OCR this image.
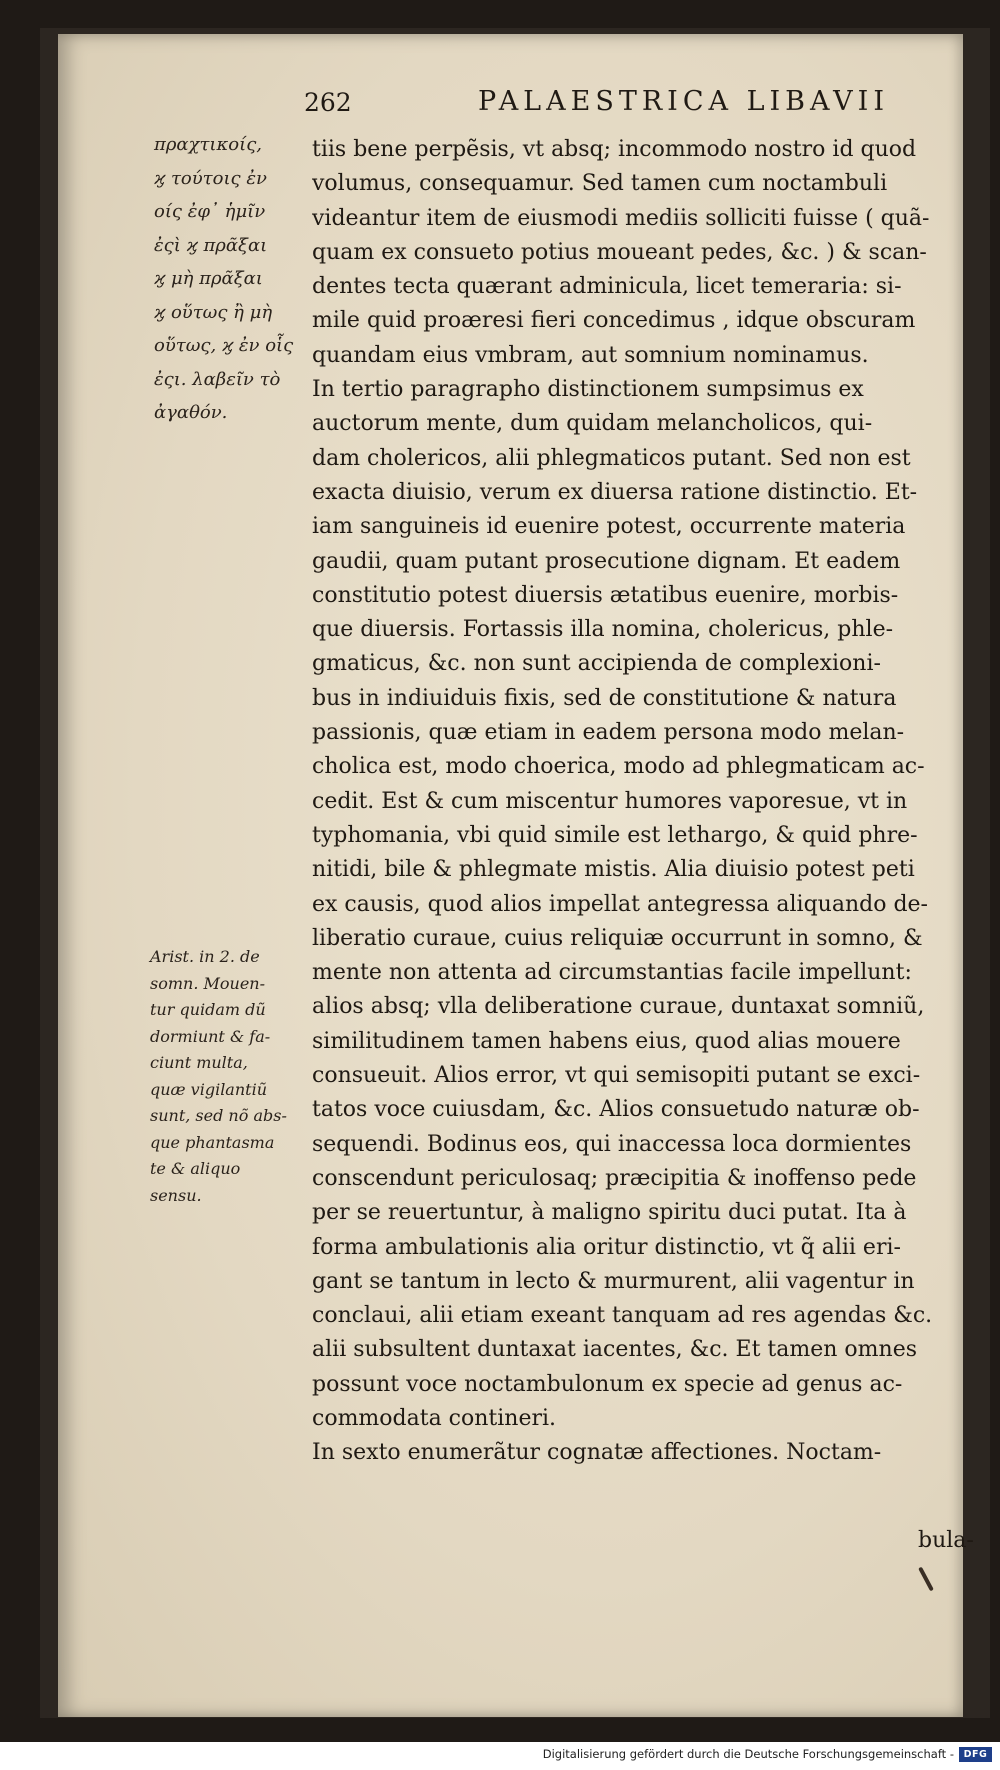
262	PALAESTRICA LIBAVII
πραχτικοίς,
ϗ τούτοις ἐν
οίς ἐφ᾽ ἡμῖν
ἐςὶ ϗ πρᾶξαι
ϗ μὴ πρᾶξαι
ϗ οὕτως ἢ μὴ
οὕτως, ϗ ἐν οἷς
ἐςι. λαβεῖν τὸ
ἀγαθόν.
Arist. in 2. de
somn. Mouen-
tur quidam dũ
dormiunt & fa-
ciunt multa,
quæ vigilantiũ
sunt, sed nõ abs-
que phantasma
te & aliquo
sensu.
tiis bene perpẽsis, vt absq; incommodo nostro id quod
volumus, consequamur. Sed tamen cum noctambuli
videantur item de eiusmodi mediis solliciti fuisse ( quã-
quam ex consueto potius moueant pedes, &c. ) & scan-
dentes tecta quærant adminicula, licet temeraria: si-
mile quid proæresi fieri concedimus , idque obscuram
quandam eius vmbram, aut somnium nominamus.
In tertio paragrapho distinctionem sumpsimus ex
auctorum mente, dum quidam melancholicos, qui-
dam cholericos, alii phlegmaticos putant. Sed non est
exacta diuisio, verum ex diuersa ratione distinctio. Et-
iam sanguineis id euenire potest, occurrente materia
gaudii, quam putant prosecutione dignam. Et eadem
constitutio potest diuersis ætatibus euenire, morbis-
que diuersis. Fortassis illa nomina, cholericus, phle-
gmaticus, &c. non sunt accipienda de complexioni-
bus in indiuiduis fixis, sed de constitutione & natura
passionis, quæ etiam in eadem persona modo melan-
cholica est, modo choerica, modo ad phlegmaticam ac-
cedit. Est & cum miscentur humores vaporesue, vt in
typhomania, vbi quid simile est lethargo, & quid phre-
nitidi, bile & phlegmate mistis. Alia diuisio potest peti
ex causis, quod alios impellat antegressa aliquando de-
liberatio curaue, cuius reliquiæ occurrunt in somno, &
mente non attenta ad circumstantias facile impellunt:
alios absq; vlla deliberatione curaue, duntaxat somniũ,
similitudinem tamen habens eius, quod alias mouere
consueuit. Alios error, vt qui semisopiti putant se exci-
tatos voce cuiusdam, &c. Alios consuetudo naturæ ob-
sequendi. Bodinus eos, qui inaccessa loca dormientes
conscendunt periculosaq; præcipitia & inoffenso pede
per se reuertuntur, à maligno spiritu duci putat. Ita à
forma ambulationis alia oritur distinctio, vt q̃ alii eri-
gant se tantum in lecto & murmurent, alii vagentur in
conclaui, alii etiam exeant tanquam ad res agendas &c.
alii subsultent duntaxat iacentes, &c. Et tamen omnes
possunt voce noctambulonum ex specie ad genus ac-
commodata contineri.
In sexto enumerãtur cognatæ affectiones. Noctam-
bula-
Digitalisierung gefördert durch die Deutsche Forschungsgemeinschaft -	DFG
